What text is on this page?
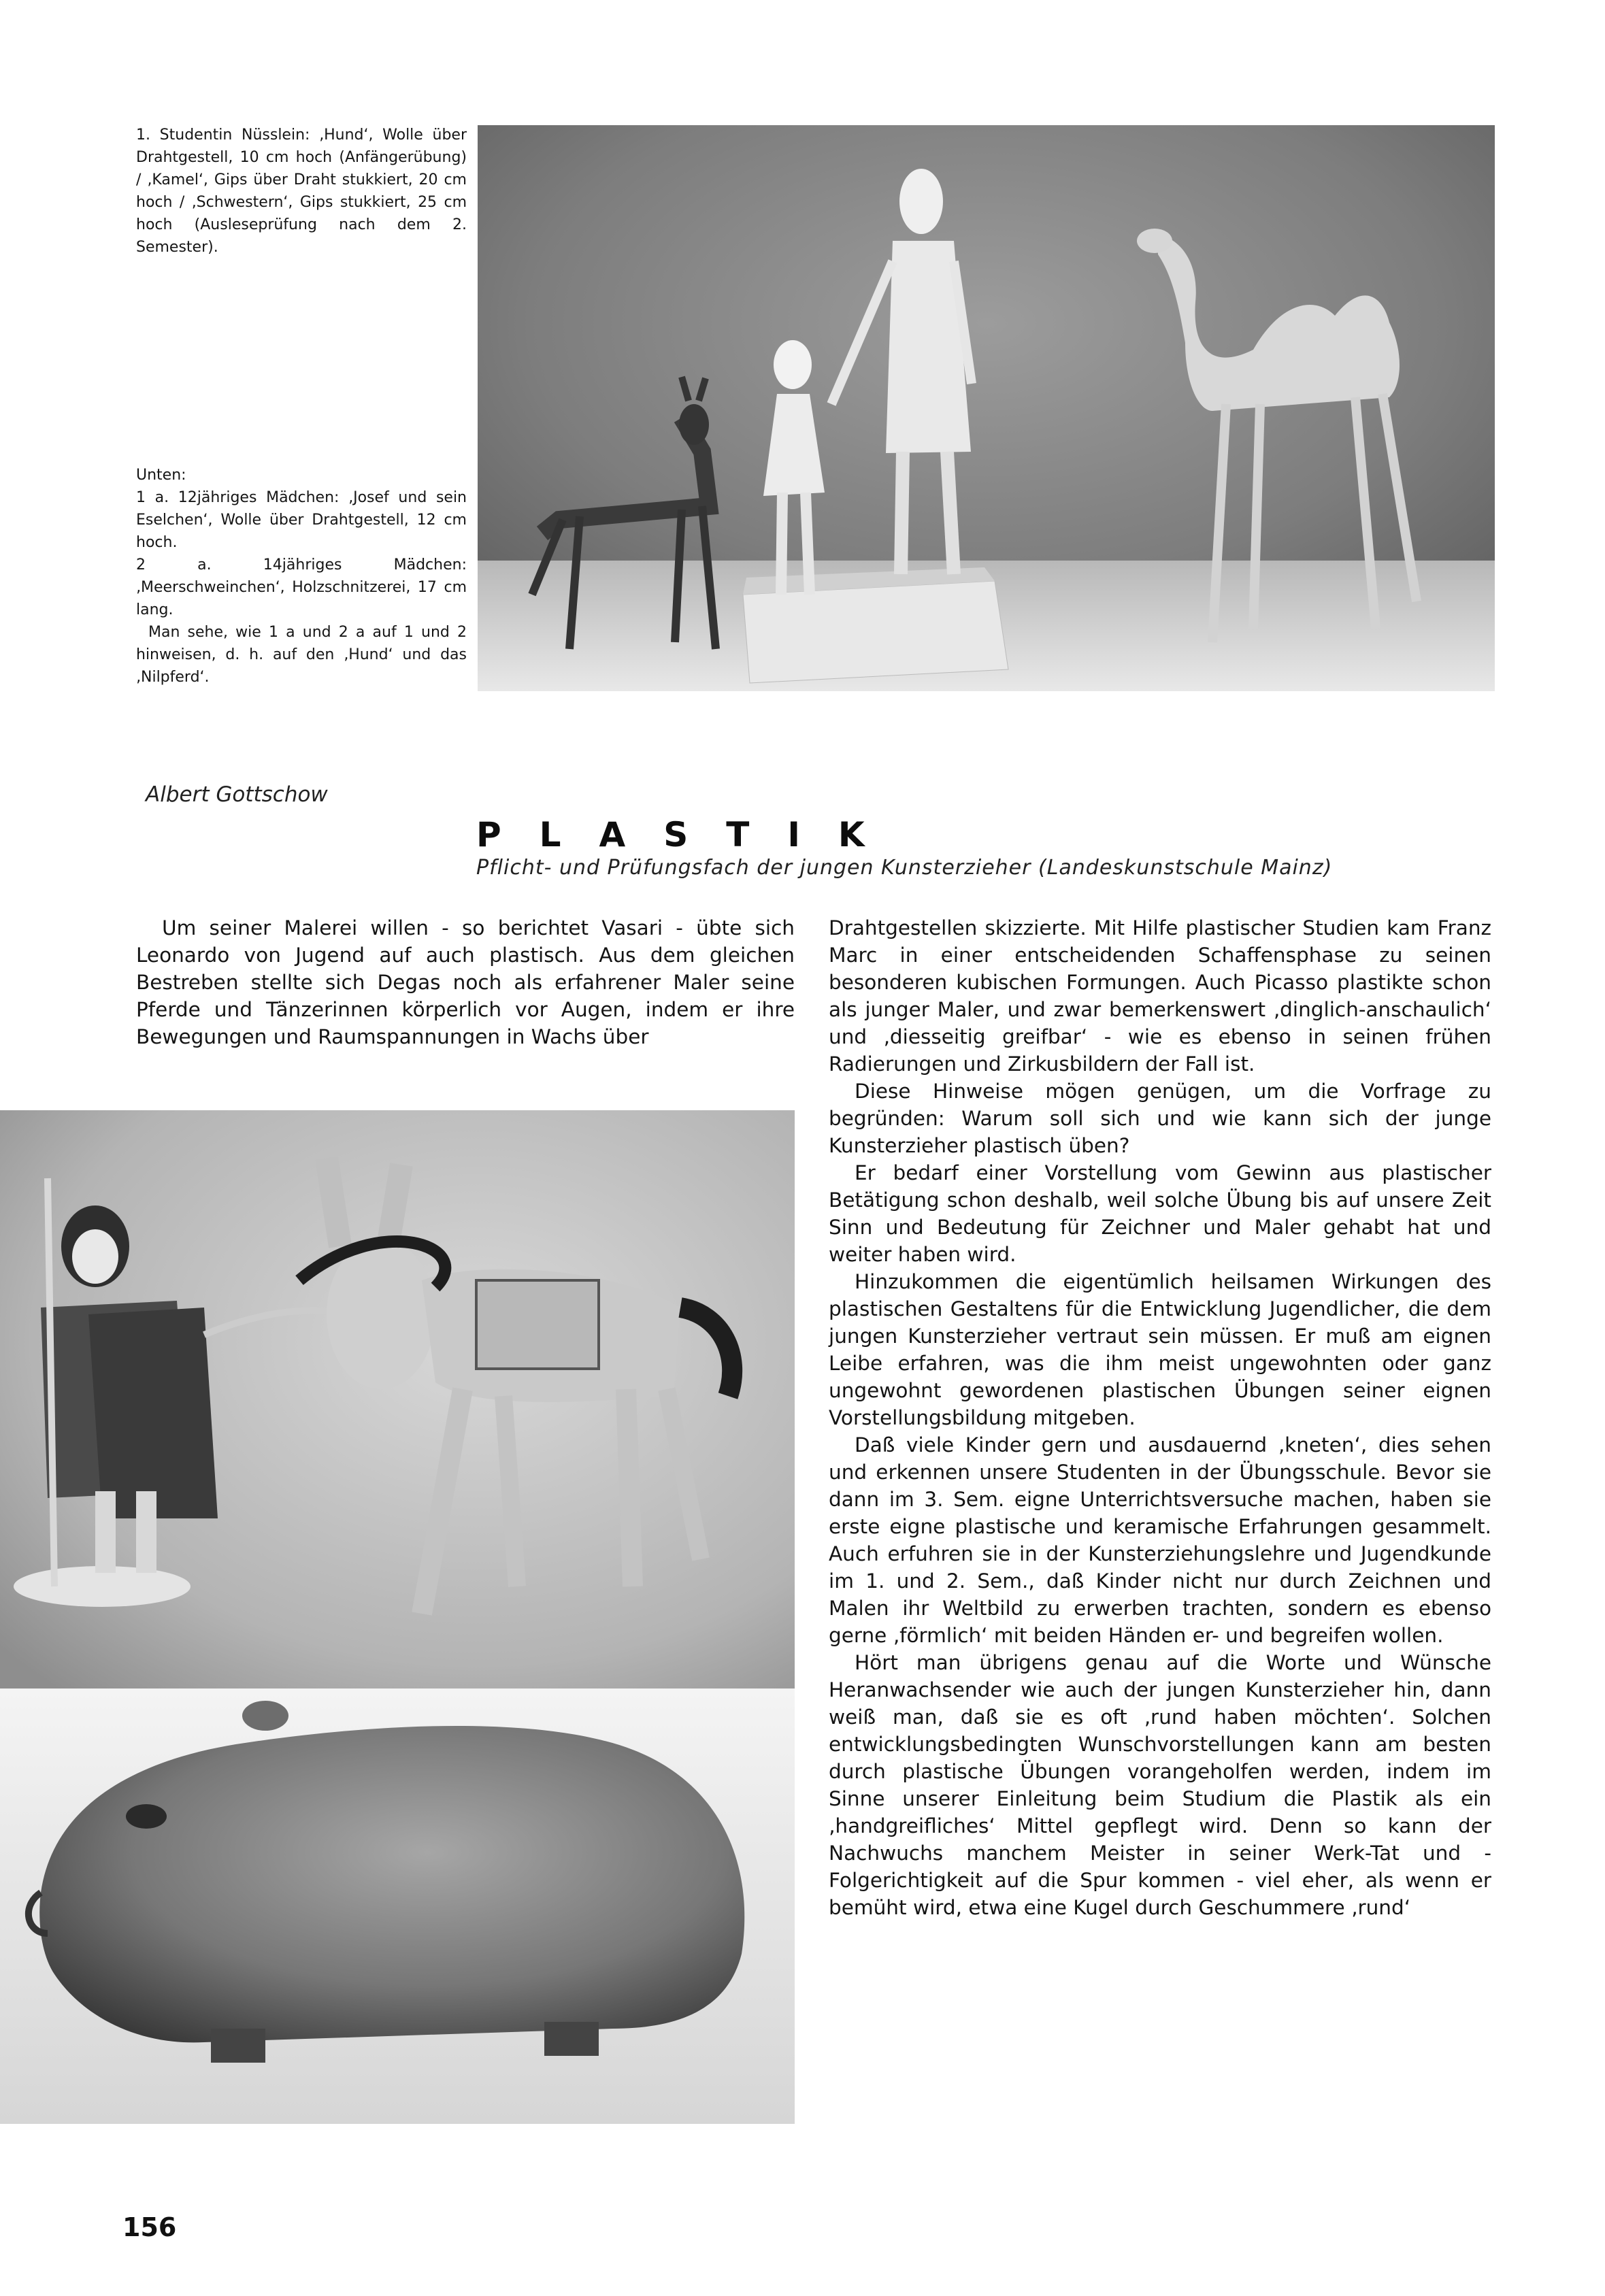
1. Studentin Nüsslein: ‚Hund‘, Wolle über Drahtgestell, 10 cm hoch (Anfängerübung) / ‚Kamel‘, Gips über Draht stukkiert, 20 cm hoch / ‚Schwestern‘, Gips stukkiert, 25 cm hoch (Ausleseprüfung nach dem 2. Semester).

Unten:

1 a. 12jähriges Mädchen: ‚Josef und sein Eselchen‘, Wolle über Drahtgestell, 12 cm hoch.

2 a. 14jähriges Mädchen: ‚Meerschweinchen‘, Holzschnitzerei, 17 cm lang.

Man sehe, wie 1 a und 2 a auf 1 und 2 hinweisen, d. h. auf den ‚Hund‘ und das ‚Nilpferd‘.

Albert Gottschow
PLASTIK
Pflicht- und Prüfungsfach der jungen Kunsterzieher (Landeskunstschule Mainz)

Um seiner Malerei willen - so berichtet Vasari - übte sich Leonardo von Jugend auf auch plastisch. Aus dem gleichen Bestreben stellte sich Degas noch als erfahrener Maler seine Pferde und Tänzerinnen körperlich vor Augen, indem er ihre Bewegungen und Raumspannungen in Wachs über

Drahtgestellen skizzierte. Mit Hilfe plastischer Studien kam Franz Marc in einer entscheidenden Schaffensphase zu seinen besonderen kubischen Formungen. Auch Picasso plastikte schon als junger Maler, und zwar bemerkenswert ‚dinglich-anschaulich‘ und ‚diesseitig greifbar‘ - wie es ebenso in seinen frühen Radierungen und Zirkusbildern der Fall ist.

Diese Hinweise mögen genügen, um die Vorfrage zu begründen: Warum soll sich und wie kann sich der junge Kunsterzieher plastisch üben?

Er bedarf einer Vorstellung vom Gewinn aus plastischer Betätigung schon deshalb, weil solche Übung bis auf unsere Zeit Sinn und Bedeutung für Zeichner und Maler gehabt hat und weiter haben wird.

Hinzukommen die eigentümlich heilsamen Wirkungen des plastischen Gestaltens für die Entwicklung Jugendlicher, die dem jungen Kunsterzieher vertraut sein müssen. Er muß am eignen Leibe erfahren, was die ihm meist ungewohnten oder ganz ungewohnt gewordenen plastischen Übungen seiner eignen Vorstellungsbildung mitgeben.

Daß viele Kinder gern und ausdauernd ‚kneten‘, dies sehen und erkennen unsere Studenten in der Übungsschule. Bevor sie dann im 3. Sem. eigne Unterrichtsversuche machen, haben sie erste eigne plastische und keramische Erfahrungen gesammelt. Auch erfuhren sie in der Kunsterziehungslehre und Jugendkunde im 1. und 2. Sem., daß Kinder nicht nur durch Zeichnen und Malen ihr Weltbild zu erwerben trachten, sondern es ebenso gerne ‚förmlich‘ mit beiden Händen er- und begreifen wollen.

Hört man übrigens genau auf die Worte und Wünsche Heranwachsender wie auch der jungen Kunsterzieher hin, dann weiß man, daß sie es oft ‚rund haben möchten‘. Solchen entwicklungsbedingten Wunschvorstellungen kann am besten durch plastische Übungen vorangeholfen werden, indem im Sinne unserer Einleitung beim Studium die Plastik als ein ‚handgreifliches‘ Mittel gepflegt wird. Denn so kann der Nachwuchs manchem Meister in seiner Werk-Tat und -Folgerichtigkeit auf die Spur kommen - viel eher, als wenn er bemüht wird, etwa eine Kugel durch Geschummere ‚rund‘

156
